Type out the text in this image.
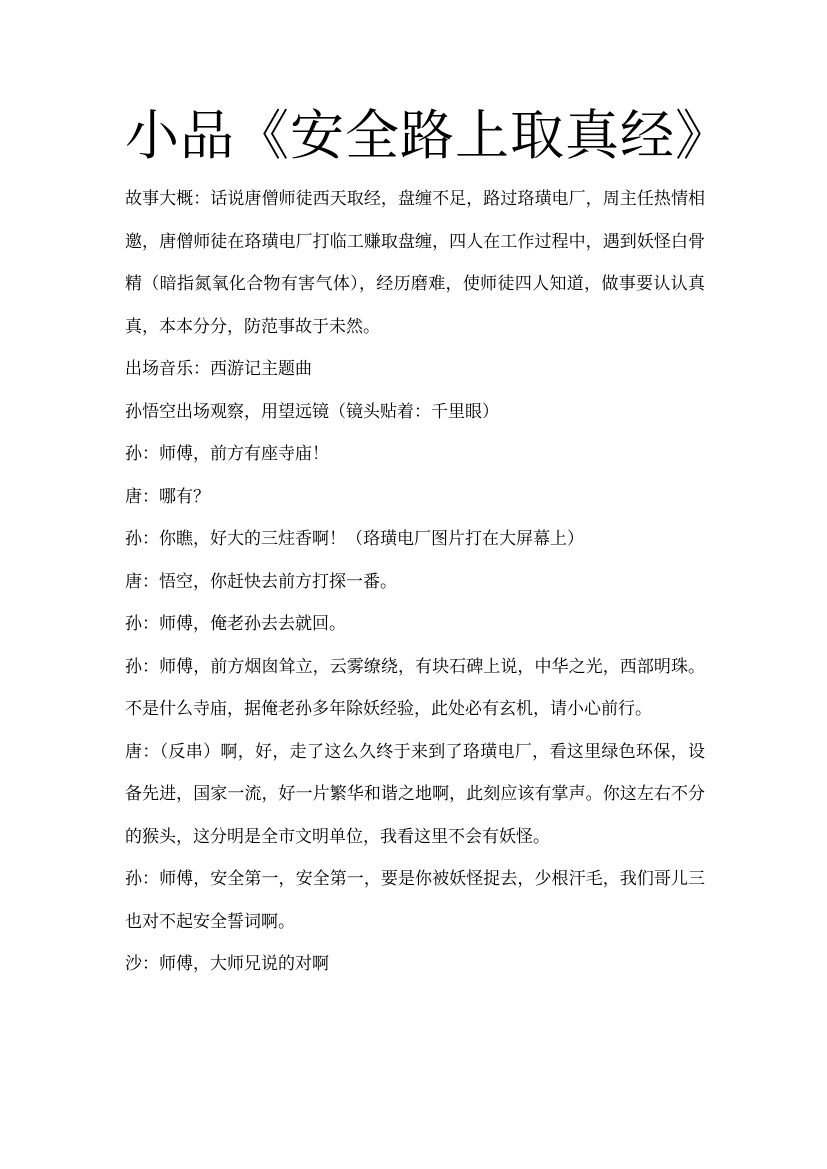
小品《安全路上取真经》

故事大概：话说唐僧师徒西天取经，盘缠不足，路过珞璜电厂，周主任热情相邀，唐僧师徒在珞璜电厂打临工赚取盘缠，四人在工作过程中，遇到妖怪白骨精（暗指氮氧化合物有害气体），经历磨难，使师徒四人知道，做事要认认真真，本本分分，防范事故于未然。

出场音乐：西游记主题曲

孙悟空出场观察，用望远镜（镜头贴着：千里眼）

孙：师傅，前方有座寺庙！

唐：哪有？

孙：你瞧，好大的三炷香啊！（珞璜电厂图片打在大屏幕上）

唐：悟空，你赶快去前方打探一番。

孙：师傅，俺老孙去去就回。

孙：师傅，前方烟囱耸立，云雾缭绕，有块石碑上说，中华之光，西部明珠。不是什么寺庙，据俺老孙多年除妖经验，此处必有玄机，请小心前行。

唐：（反串）啊，好，走了这么久终于来到了珞璜电厂，看这里绿色环保，设备先进，国家一流，好一片繁华和谐之地啊，此刻应该有掌声。你这左右不分的猴头，这分明是全市文明单位，我看这里不会有妖怪。

孙：师傅，安全第一，安全第一，要是你被妖怪捉去，少根汗毛，我们哥儿三也对不起安全誓词啊。

沙：师傅，大师兄说的对啊
